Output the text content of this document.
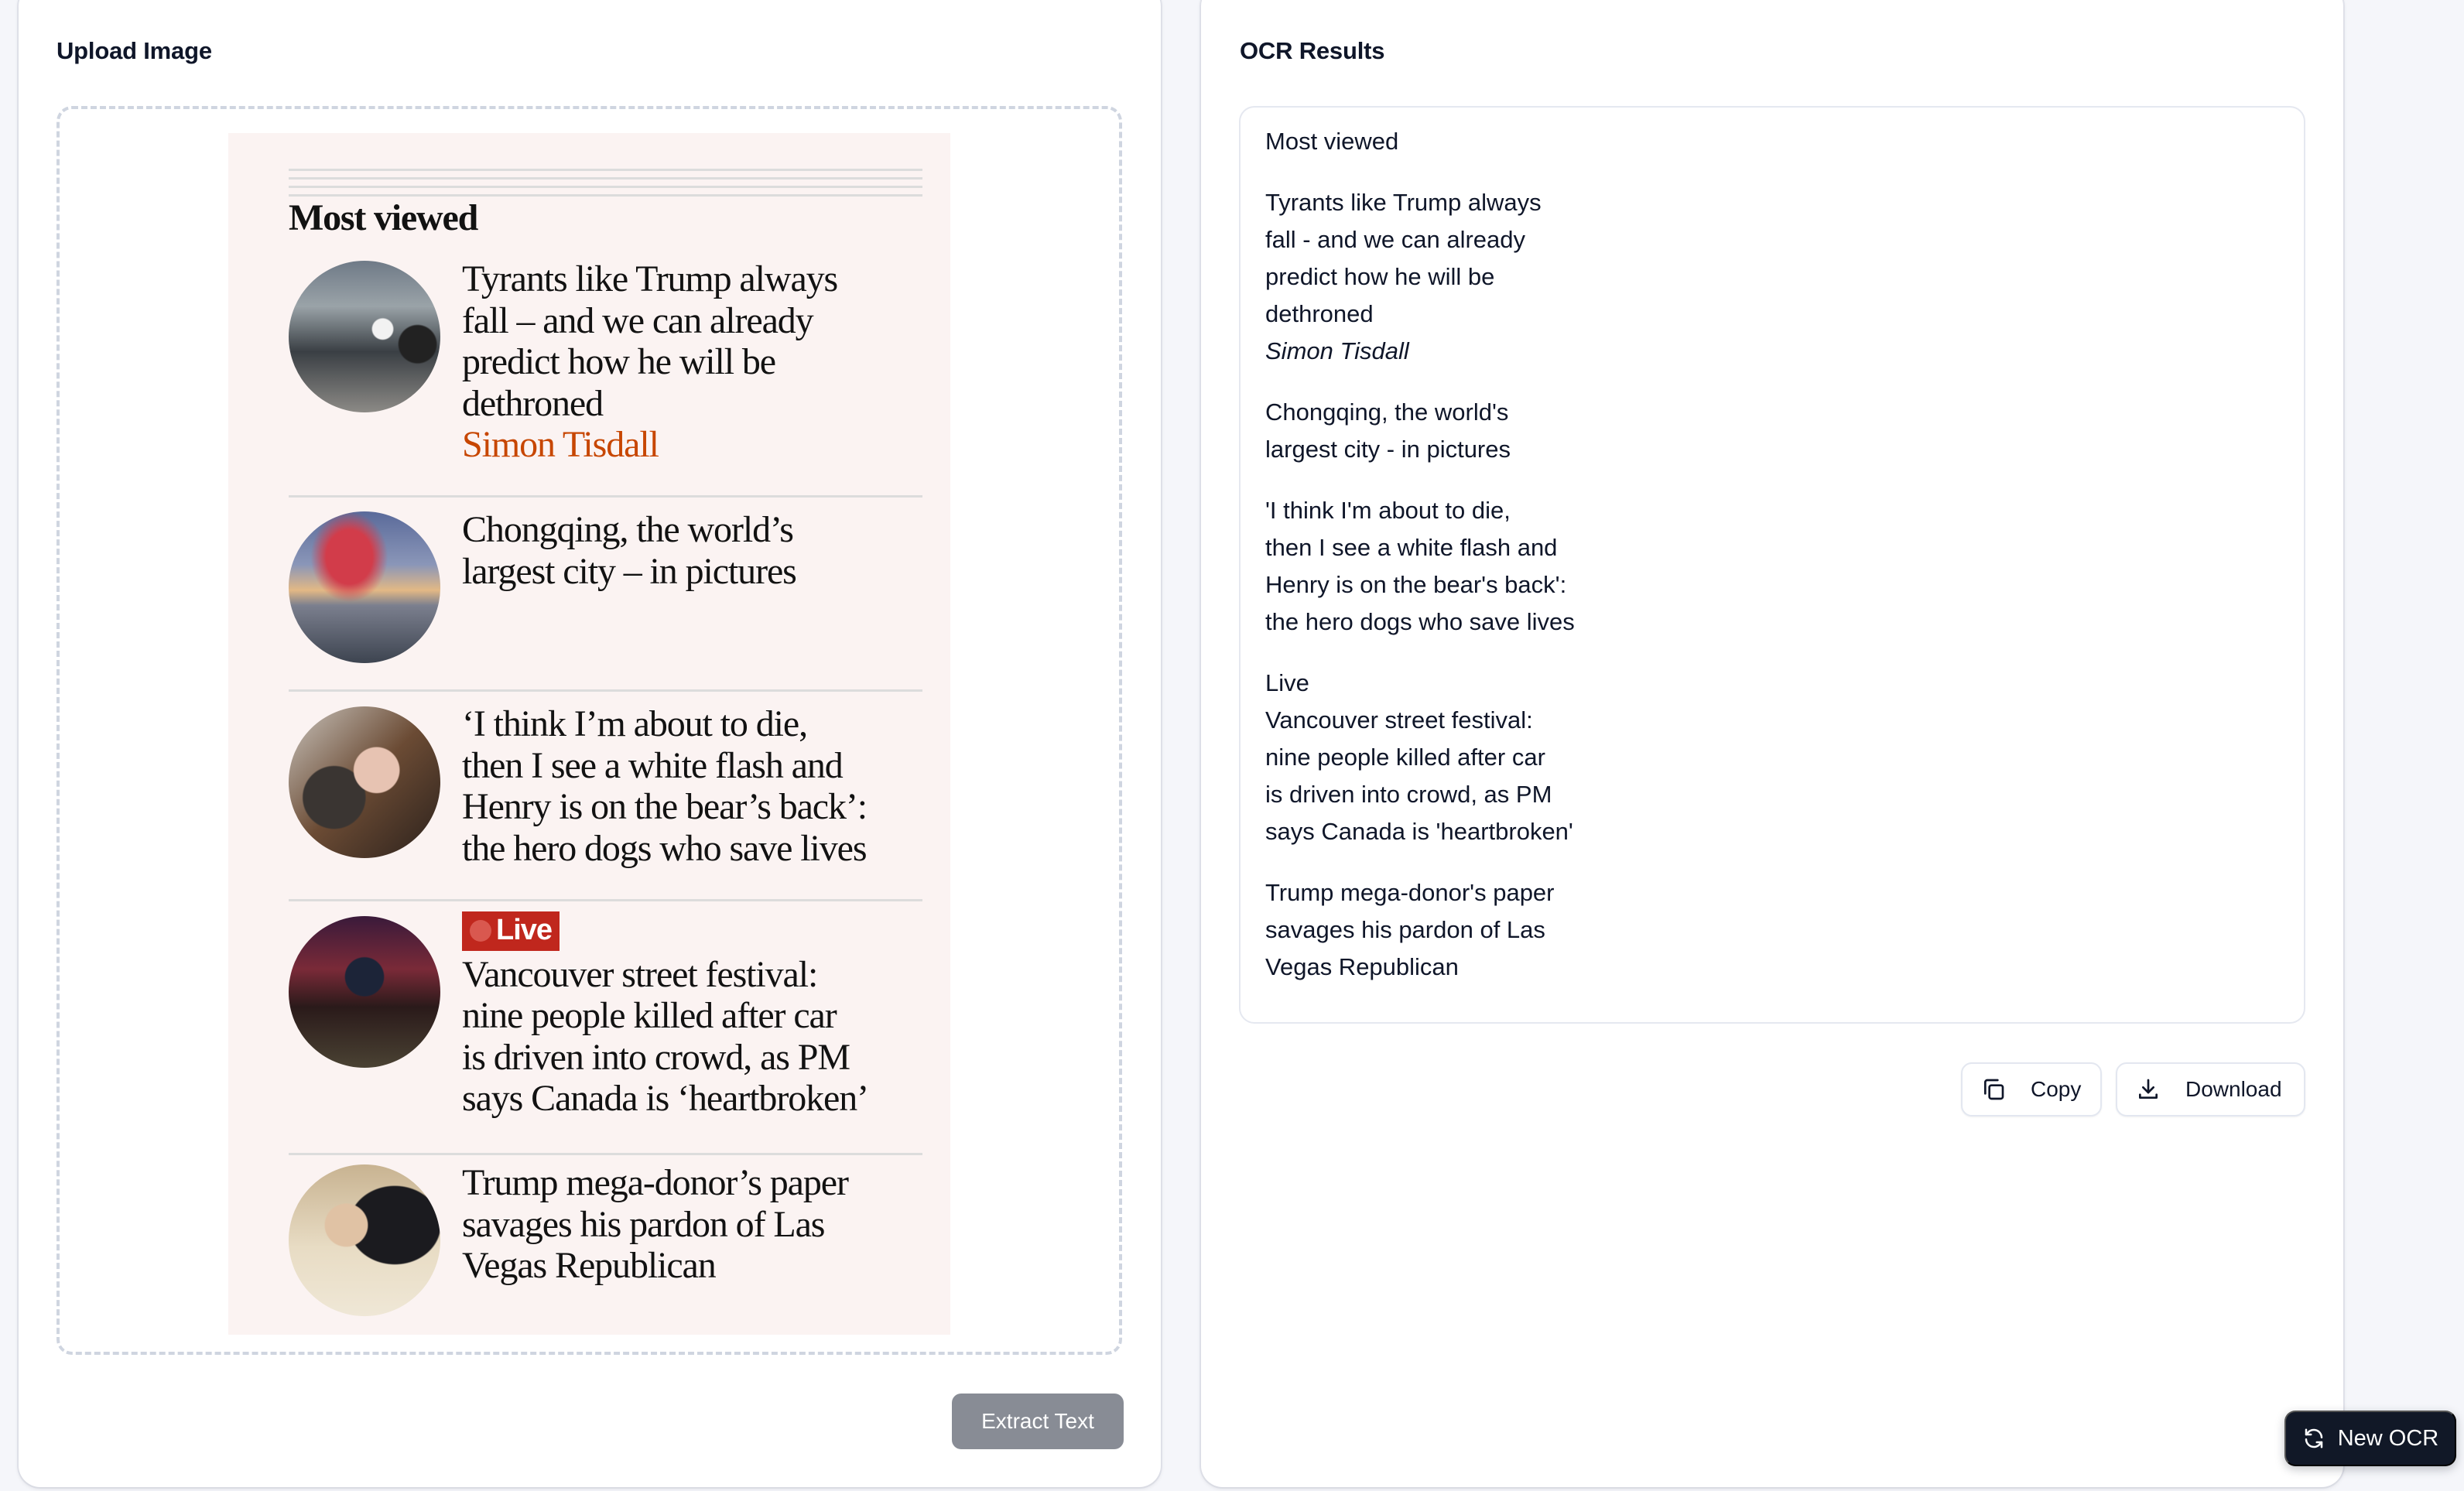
Upload Image
Most viewed
Tyrants like Trump always
fall – and we can already
predict how he will be
dethroned
Simon Tisdall
Chongqing, the world’s
largest city – in pictures
‘I think I’m about to die,
then I see a white flash and
Henry is on the bear’s back’:
the hero dogs who save lives
Live
Vancouver street festival:
nine people killed after car
is driven into crowd, as PM
says Canada is ‘heartbroken’
Trump mega-donor’s paper
savages his pardon of Las
Vegas Republican
Extract Text
OCR Results

Most viewed

Tyrants like Trump always
fall - and we can already
predict how he will be
dethroned
Simon Tisdall

Chongqing, the world's
largest city - in pictures

'I think I'm about to die,
then I see a white flash and
Henry is on the bear's back':
the hero dogs who save lives

Live
Vancouver street festival:
nine people killed after car
is driven into crowd, as PM
says Canada is 'heartbroken'

Trump mega-donor's paper
savages his pardon of Las
Vegas Republican

Copy	Download
New OCR
